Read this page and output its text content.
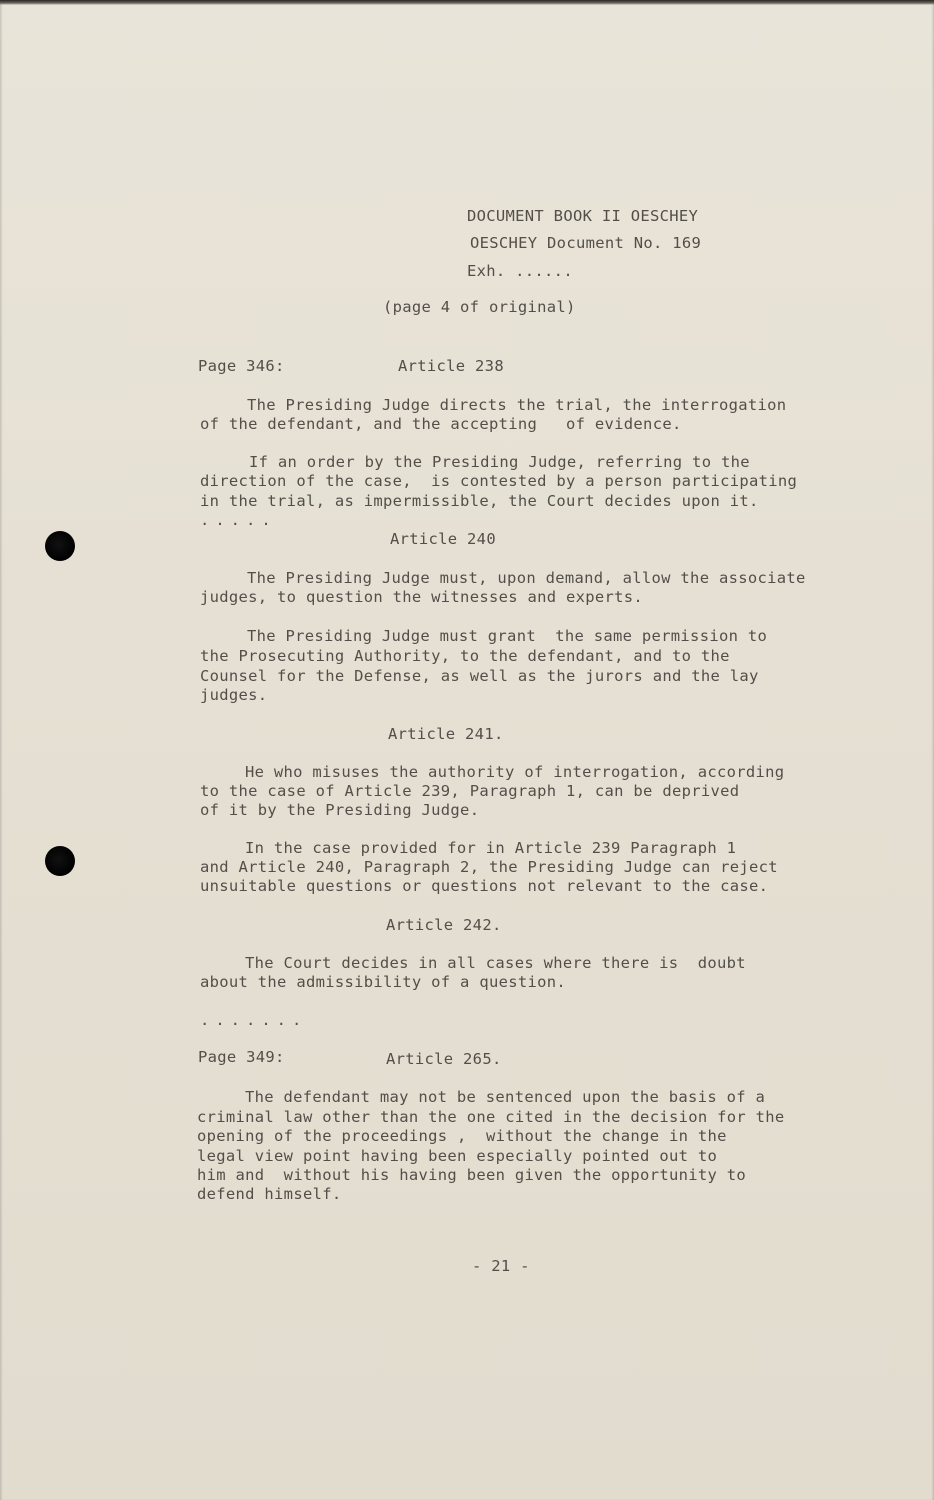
DOCUMENT BOOK II OESCHEY
OESCHEY Document No. 169
Exh. ......
(page 4 of original)
Page 346:	Article 238
The Presiding Judge directs the trial, the interrogation
of the defendant, and the accepting   of evidence.
If an order by the Presiding Judge, referring to the
direction of the case,  is contested by a person participating
in the trial, as impermissible, the Court decides upon it.
.....
Article 240
The Presiding Judge must, upon demand, allow the associate
judges, to question the witnesses and experts.
The Presiding Judge must grant  the same permission to
the Prosecuting Authority, to the defendant, and to the
Counsel for the Defense, as well as the jurors and the lay
judges.
Article 241.
He who misuses the authority of interrogation, according
to the case of Article 239, Paragraph 1, can be deprived
of it by the Presiding Judge.
In the case provided for in Article 239 Paragraph 1
and Article 240, Paragraph 2, the Presiding Judge can reject
unsuitable questions or questions not relevant to the case.
Article 242.
The Court decides in all cases where there is  doubt
about the admissibility of a question.
.......
Page 349:	Article 265.
The defendant may not be sentenced upon the basis of a
criminal law other than the one cited in the decision for the
opening of the proceedings ,  without the change in the
legal view point having been especially pointed out to
him and  without his having been given the opportunity to
defend himself.
- 21 -
